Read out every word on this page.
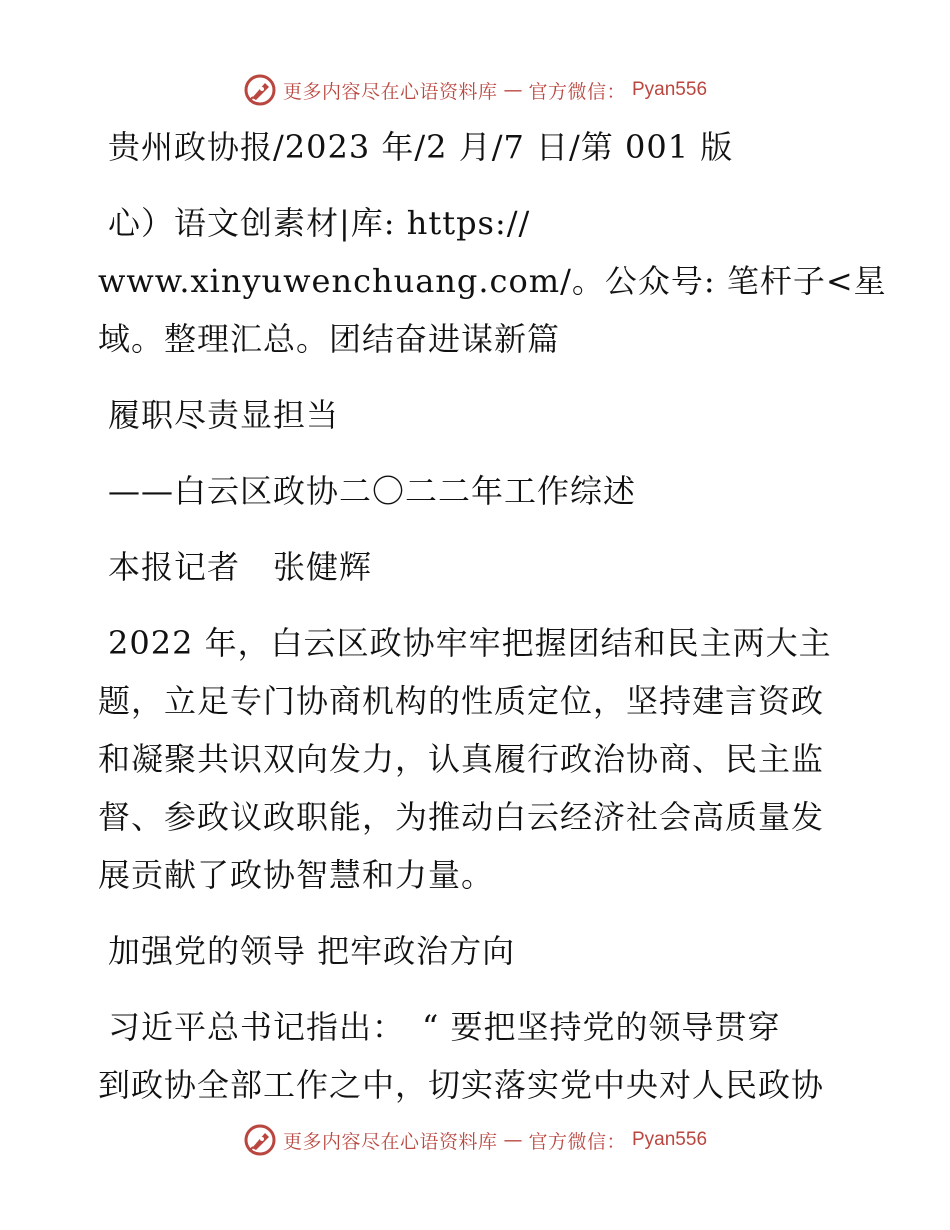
更多内容尽在心语资料库 — 官方微信： Pyan556
贵州政协报/2023 年/2 月/7 日/第 001 版
心）语文创素材|库: https://
www.xinyuwenchuang.com/。公众号: 笔杆子<星
域。整理汇总。团结奋进谋新篇
履职尽责显担当
——白云区政协二〇二二年工作综述
本报记者　张健辉
2022 年，白云区政协牢牢把握团结和民主两大主
题，立足专门协商机构的性质定位，坚持建言资政
和凝聚共识双向发力，认真履行政治协商、民主监
督、参政议政职能，为推动白云经济社会高质量发
展贡献了政协智慧和力量。
加强党的领导 把牢政治方向
习近平总书记指出：　“ 要把坚持党的领导贯穿
到政协全部工作之中，切实落实党中央对人民政协
更多内容尽在心语资料库 — 官方微信： Pyan556
